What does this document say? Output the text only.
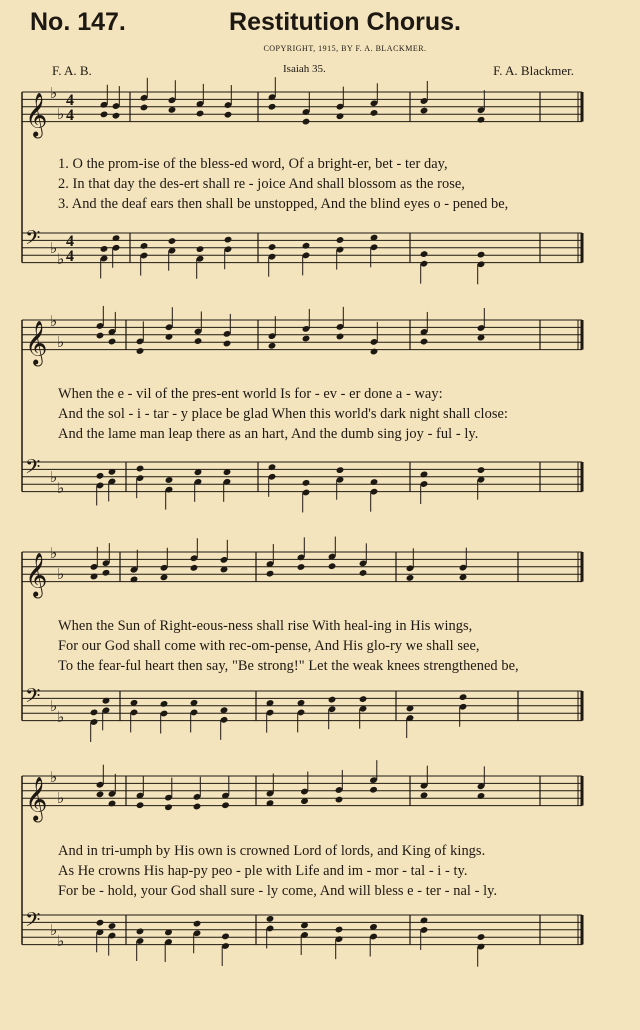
No. 147.	Restitution Chorus.
COPYRIGHT, 1915, BY F. A. BLACKMER.
F. A. B.	Isaiah 35.	F. A. Blackmer.
𝄞 ♭
♭
4
4
𝄢 ♭
♭
4
4
𝄞 ♭
♭
𝄢 ♭
♭
𝄞 ♭
♭
𝄢 ♭
♭
𝄞 ♭
♭
𝄢 ♭
♭
1. O the prom-ise of the bless-ed word, Of a bright-er, bet - ter day,
2. In that day the des-ert shall re - joice And shall blossom as the rose,
3. And the deaf ears then shall be unstopped, And the blind eyes o - pened be,
When the e - vil of the pres-ent world Is for - ev - er done a - way:
And the sol - i - tar - y place be glad When this world's dark night shall close:
And the lame man leap there as an hart, And the dumb sing joy - ful - ly.
When the Sun of Right-eous-ness shall rise With heal-ing in His wings,
For our God shall come with rec-om-pense, And His glo-ry we shall see,
To the fear-ful heart then say, "Be strong!" Let the weak knees strengthened be,
And in tri-umph by His own is crowned Lord of lords, and King of kings.
As He crowns His hap-py peo - ple with Life and im - mor - tal - i - ty.
For be - hold, your God shall sure - ly come, And will bless e - ter - nal - ly.
